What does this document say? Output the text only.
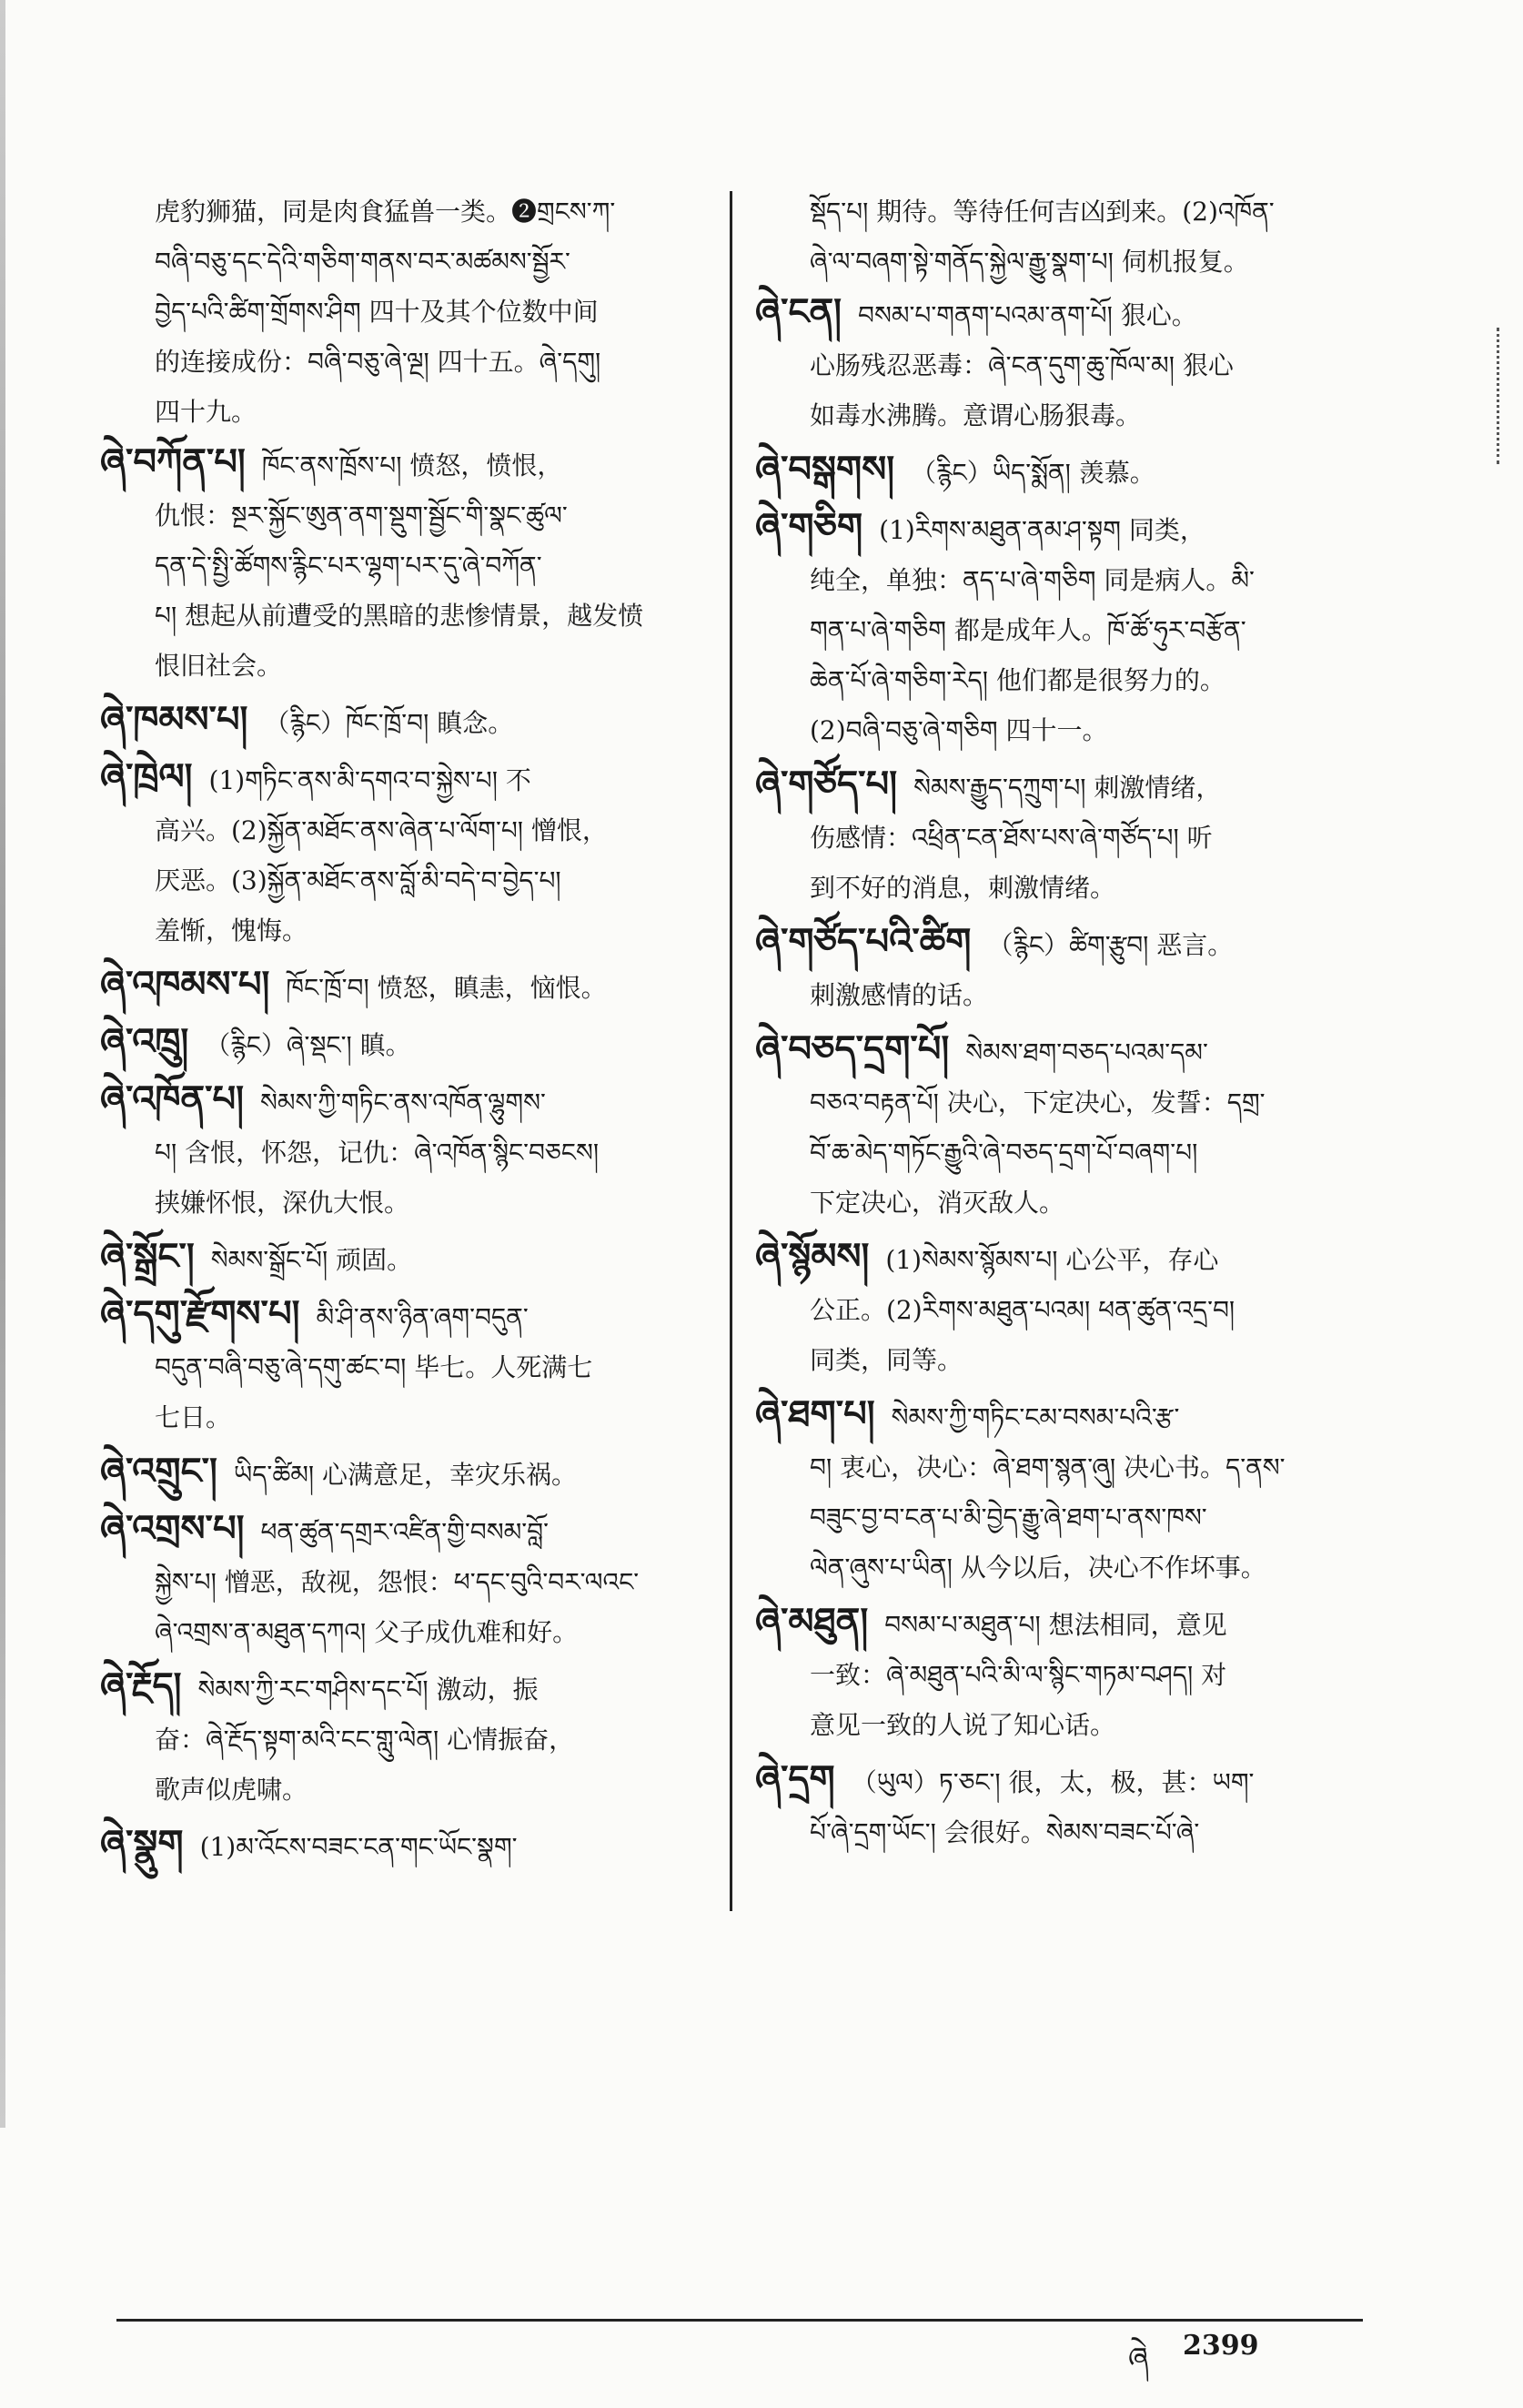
虎豹狮猫，同是肉食猛兽一类。❷གྲངས་ཀ་
བཞི་བཅུ་དང་དེའི་གཅིག་གནས་བར་མཚམས་སྦྱོར་
བྱེད་པའི་ཚིག་གྲོགས་ཤིག 四十及其个位数中间
的连接成份：བཞི་བཅུ་ཞེ་ལྔ། 四十五。ཞེ་དགུ།
四十九。
ཞེ་བཀོན་པ། ཁོང་ནས་ཁྲོས་པ། 愤怒，愤恨，
仇恨：སྔར་སྐྱོང་ཨུན་ནག་སྡུག་སྦྱོང་གི་སྣང་ཚུལ་
དན་དེ་སྤྱི་ཚོགས་རྙིང་པར་ལྷག་པར་དུ་ཞེ་བཀོན་
པ། 想起从前遭受的黑暗的悲惨情景，越发愤
恨旧社会。
ཞེ་ཁམས་པ། （རྙིང）ཁོང་ཁྲོ་བ། 瞋念。
ཞེ་ཁྲེལ། (1)གཏིང་ནས་མི་དགའ་བ་སྐྱེས་པ། 不
高兴。(2)སྐྱོན་མཐོང་ནས་ཞེན་པ་ལོག་པ། 憎恨，
厌恶。(3)སྐྱོན་མཐོང་ནས་བློ་མི་བདེ་བ་བྱེད་པ།
羞惭，愧悔。
ཞེ་འཁམས་པ། ཁོང་ཁྲོ་བ། 愤怒，瞋恚，恼恨。
ཞེ་འཁྲུ། （རྙིང）ཞེ་སྡང་། 瞋。
ཞེ་འཁོན་པ། སེམས་ཀྱི་གཏིང་ནས་འཁོན་ལྷུགས་
པ། 含恨，怀怨，记仇：ཞེ་འཁོན་སྙིང་བཅངས།
挟嫌怀恨，深仇大恨。
ཞེ་སྒྲོང་། སེམས་སྒྲོང་པོ། 顽固。
ཞེ་དགུ་རྫོགས་པ། མི་ཤི་ནས་ཉིན་ཞག་བདུན་
བདུན་བཞི་བཅུ་ཞེ་དགུ་ཚང་བ། 毕七。人死满七
七日。
ཞེ་འགྲུང་། ཡིད་ཚིམ། 心满意足，幸灾乐祸。
ཞེ་འགྲས་པ། ཕན་ཚུན་དགྲར་འཛིན་གྱི་བསམ་བློ་
སྐྱེས་པ། 憎恶，敌视，怨恨：ཕ་དང་བུའི་བར་ལའང་
ཞེ་འགྲས་ན་མཐུན་དཀའ། 父子成仇难和好。
ཞེ་རྔོད། སེམས་ཀྱི་རང་གཤིས་དང་པོ། 激动，振
奋：ཞེ་རྔོད་སྟག་མའི་ངང་གླུ་ལེན། 心情振奋，
歌声似虎啸。
ཞེ་སྣུག (1)མ་འོངས་བཟང་ངན་གང་ཡོང་སྣག་
སྡོད་པ། 期待。等待任何吉凶到来。(2)འཁོན་
ཞེ་ལ་བཞག་སྟེ་གནོད་སྐྱེལ་རྒྱུ་སྣག་པ། 伺机报复。
ཞེ་ངན། བསམ་པ་གནག་པའམ་ནག་པོ། 狠心。
心肠残忍恶毒：ཞེ་ངན་དུག་ཆུ་ཁོལ་མ། 狠心
如毒水沸腾。意谓心肠狠毒。
ཞེ་བསྒགས། （རྙིང）ཡིད་སྨོན། 羡慕。
ཞེ་གཅིག (1)རིགས་མཐུན་ནམ་ཤ་སྟག 同类，
纯全，单独：ནད་པ་ཞེ་གཅིག 同是病人。མི་
གན་པ་ཞེ་གཅིག 都是成年人。ཁོ་ཚོ་ཧུར་བརྩོན་
ཆེན་པོ་ཞེ་གཅིག་རེད། 他们都是很努力的。
(2)བཞི་བཅུ་ཞེ་གཅིག 四十一。
ཞེ་གཙོད་པ། སེམས་རྒྱུད་དཀྲུག་པ། 刺激情绪，
伤感情：འཕྲིན་ངན་ཐོས་པས་ཞེ་གཙོད་པ། 听
到不好的消息，刺激情绪。
ཞེ་གཙོད་པའི་ཚིག （རྙིང）ཚིག་རྩུབ། 恶言。
刺激感情的话。
ཞེ་བཅད་དྲག་པོ། སེམས་ཐག་བཅད་པའམ་དམ་
བཅའ་བརྟན་པོ། 决心，下定决心，发誓：དགྲ་
བོ་ཆ་མེད་གཏོང་རྒྱུའི་ཞེ་བཅད་དྲག་པོ་བཞག་པ།
下定决心，消灭敌人。
ཞེ་སྙོམས། (1)སེམས་སྙོམས་པ། 心公平，存心
公正。(2)རིགས་མཐུན་པའམ། ཕན་ཚུན་འདྲ་བ།
同类，同等。
ཞེ་ཐག་པ། སེམས་ཀྱི་གཏིང་ངམ་བསམ་པའི་རྩ་
བ། 衷心，决心：ཞེ་ཐག་སྙན་ཞུ། 决心书。ད་ནས་
བཟུང་བྱ་བ་ངན་པ་མི་བྱེད་རྒྱུ་ཞེ་ཐག་པ་ནས་ཁས་
ལེན་ཞུས་པ་ཡིན། 从今以后，决心不作坏事。
ཞེ་མཐུན། བསམ་པ་མཐུན་པ། 想法相同，意见
一致：ཞེ་མཐུན་པའི་མི་ལ་སྙིང་གཏམ་བཤད། 对
意见一致的人说了知心话。
ཞེ་དྲག （ཡུལ）ཏ་ཅང་། 很，太，极，甚：ཡག་
པོ་ཞེ་དྲག་ཡོང་། 会很好。སེམས་བཟང་པོ་ཞེ་
ཞེ 2399
